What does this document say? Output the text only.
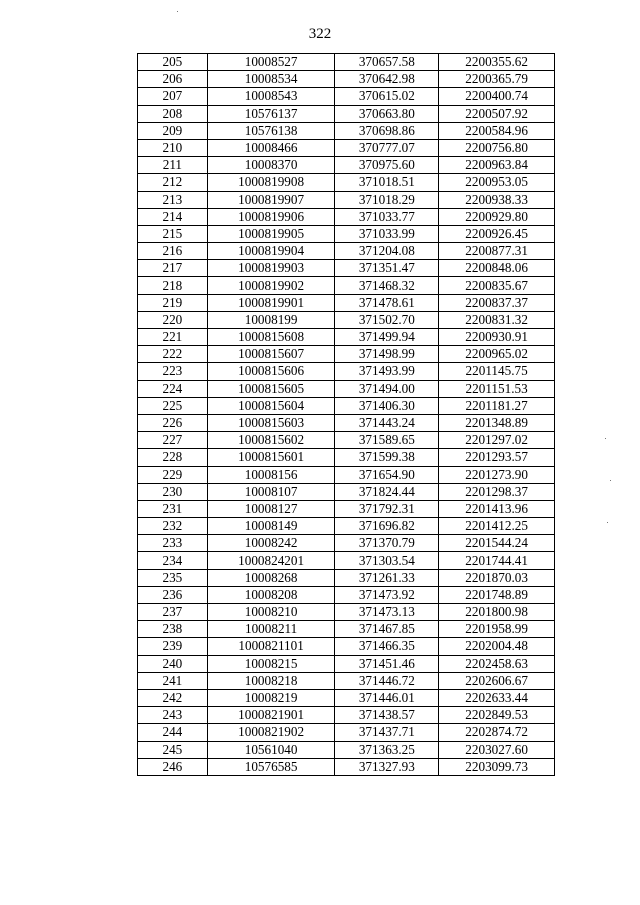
322
205	10008527	370657.58	2200355.62
206	10008534	370642.98	2200365.79
207	10008543	370615.02	2200400.74
208	10576137	370663.80	2200507.92
209	10576138	370698.86	2200584.96
210	10008466	370777.07	2200756.80
211	10008370	370975.60	2200963.84
212	1000819908	371018.51	2200953.05
213	1000819907	371018.29	2200938.33
214	1000819906	371033.77	2200929.80
215	1000819905	371033.99	2200926.45
216	1000819904	371204.08	2200877.31
217	1000819903	371351.47	2200848.06
218	1000819902	371468.32	2200835.67
219	1000819901	371478.61	2200837.37
220	10008199	371502.70	2200831.32
221	1000815608	371499.94	2200930.91
222	1000815607	371498.99	2200965.02
223	1000815606	371493.99	2201145.75
224	1000815605	371494.00	2201151.53
225	1000815604	371406.30	2201181.27
226	1000815603	371443.24	2201348.89
227	1000815602	371589.65	2201297.02
228	1000815601	371599.38	2201293.57
229	10008156	371654.90	2201273.90
230	10008107	371824.44	2201298.37
231	10008127	371792.31	2201413.96
232	10008149	371696.82	2201412.25
233	10008242	371370.79	2201544.24
234	1000824201	371303.54	2201744.41
235	10008268	371261.33	2201870.03
236	10008208	371473.92	2201748.89
237	10008210	371473.13	2201800.98
238	10008211	371467.85	2201958.99
239	1000821101	371466.35	2202004.48
240	10008215	371451.46	2202458.63
241	10008218	371446.72	2202606.67
242	10008219	371446.01	2202633.44
243	1000821901	371438.57	2202849.53
244	1000821902	371437.71	2202874.72
245	10561040	371363.25	2203027.60
246	10576585	371327.93	2203099.73
